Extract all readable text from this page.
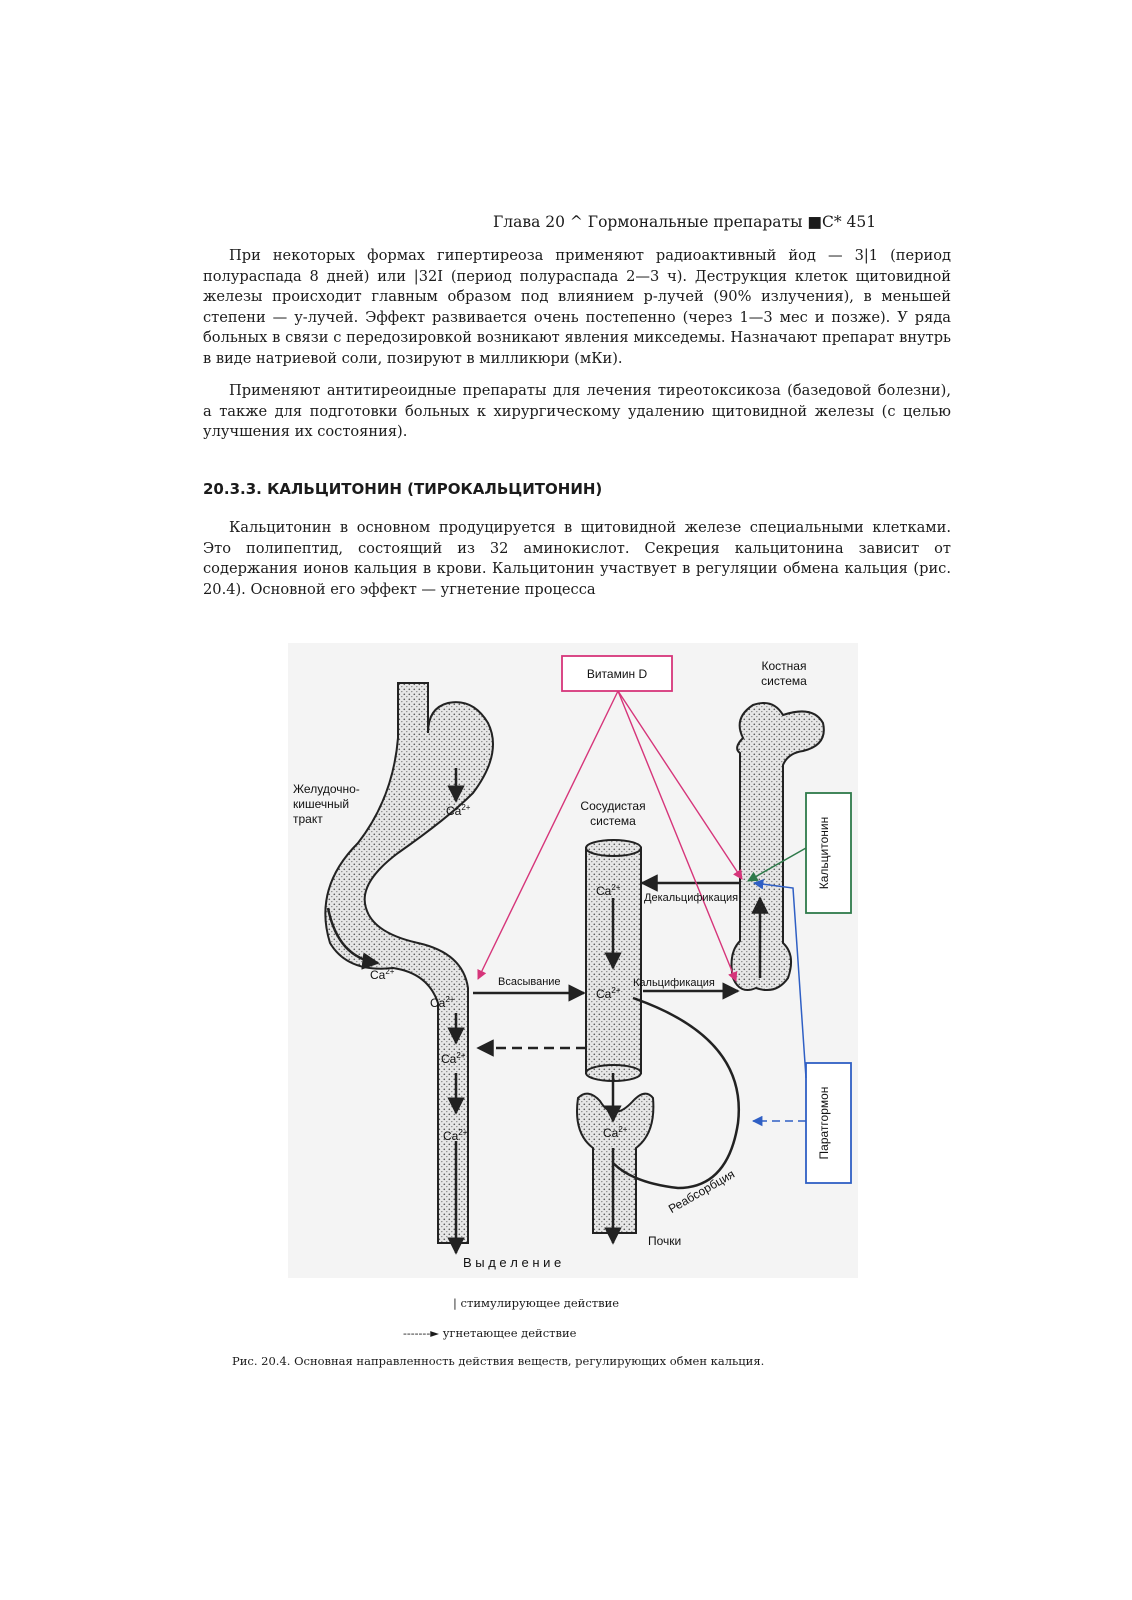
Глава 20 ^ Гормональные препараты ■С* 451

При некоторых формах гипертиреоза применяют радиоактивный йод — 3|1 (период полураспада 8 дней) или |32I (период полураспада 2—3 ч). Деструкция клеток щитовидной железы происходит главным образом под влиянием р-лучей (90% излучения), в меньшей степени — у-лучей. Эффект развивается очень постепенно (через 1—3 мес и позже). У ряда больных в связи с передозировкой возникают явления микседемы. Назначают препарат внутрь в виде натриевой соли, позируют в милликюри (мКи).

Применяют антитиреоидные препараты для лечения тиреотоксикоза (базедовой болезни), а также для подготовки больных к хирургическому удалению щитовидной железы (с целью улучшения их состояния).

20.3.3. КАЛЬЦИТОНИН (ТИРОКАЛЬЦИТОНИН)

Кальцитонин в основном продуцируется в щитовидной железе специальными клетками. Это полипептид, состоящий из 32 аминокислот. Секреция кальцитонина зависит от содержания ионов кальция в крови. Кальцитонин участвует в регуляции обмена кальция (рис. 20.4). Основной его эффект — угнетение процесса

Витамин D
Костная
система
Желудочно-
кишечный
тракт
Сосудистая
система	Кальцитонин
Паратгормон
Декальцификация
Кальцификация
Всасывание
Реабсорбция
Почки
В ы д е л е н и е
$Ca^{2+}$
$Ca^{2+}$
$Ca^{2+}$
$Ca^{2+}$
$Ca^{2+}$
$Ca^{2+}$
$Ca^{2+}$
$Ca^{2+}$
| стимулирующее действие
-------► угнетающее действие
Рис. 20.4. Основная направленность действия веществ, регулирующих обмен кальция.
